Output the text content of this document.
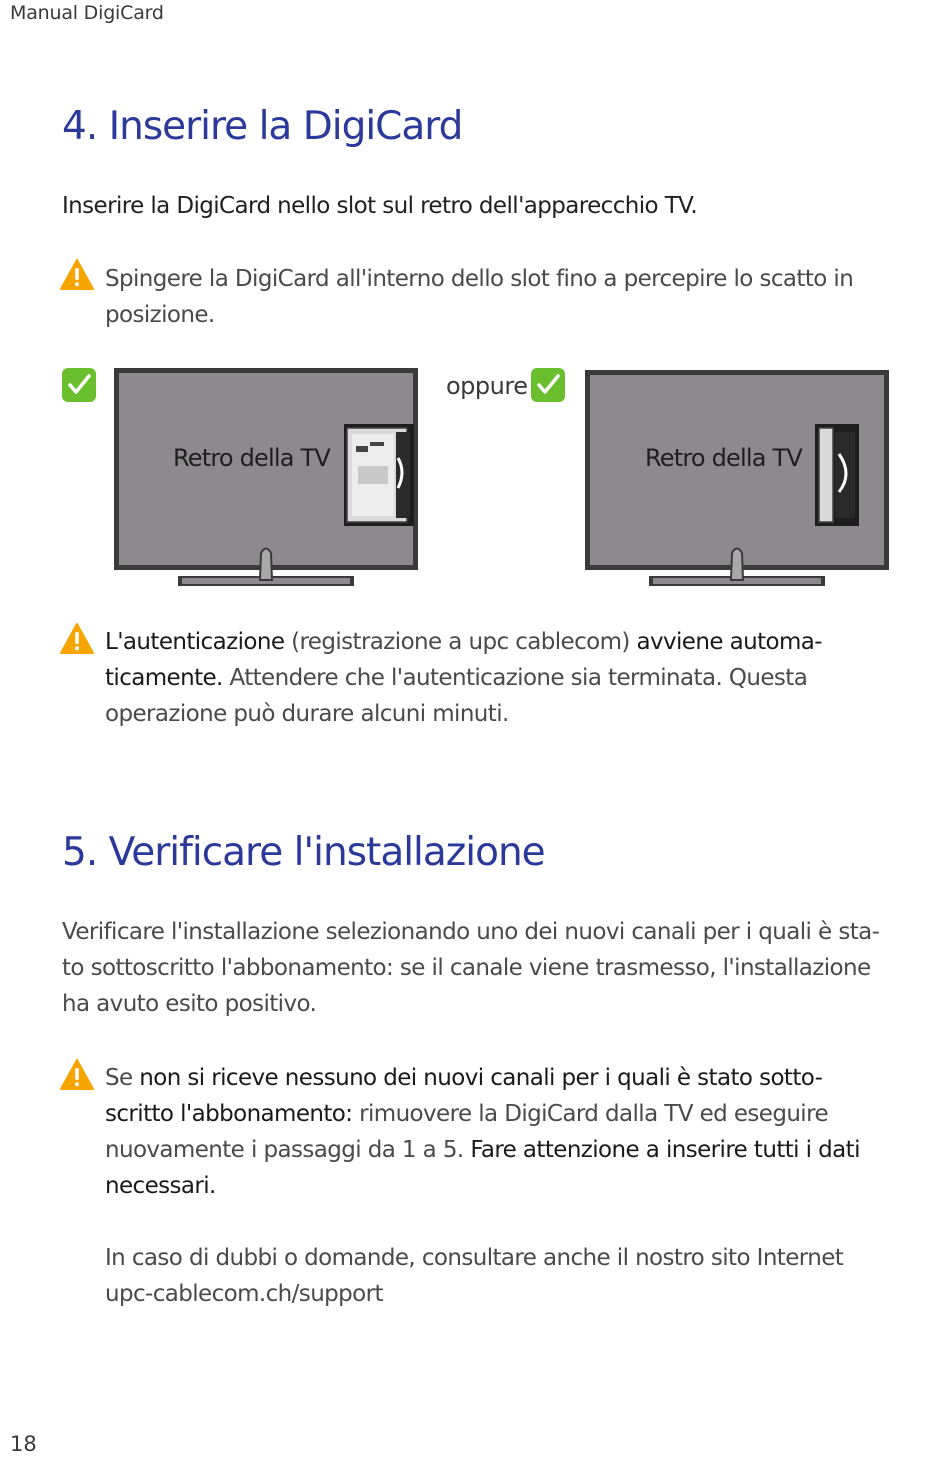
Manual DigiCard
4. Inserire la DigiCard

Inserire la DigiCard nello slot sul retro dell'apparecchio TV.

Spingere la DigiCard all'interno dello slot fino a percepire lo scatto in

posizione.

Retro della TV
oppure
Retro della TV

L'autenticazione (registrazione a upc cablecom) avviene automa-

ticamente. Attendere che l'autenticazione sia terminata. Questa

operazione può durare alcuni minuti.

5. Verificare l'installazione

Verificare l'installazione selezionando uno dei nuovi canali per i quali è sta-

to sottoscritto l'abbonamento: se il canale viene trasmesso, l'installazione

ha avuto esito positivo.

Se non si riceve nessuno dei nuovi canali per i quali è stato sotto-

scritto l'abbonamento: rimuovere la DigiCard dalla TV ed eseguire

nuovamente i passaggi da 1 a 5. Fare attenzione a inserire tutti i dati

necessari.

In caso di dubbi o domande, consultare anche il nostro sito Internet

upc-cablecom.ch/support

18
